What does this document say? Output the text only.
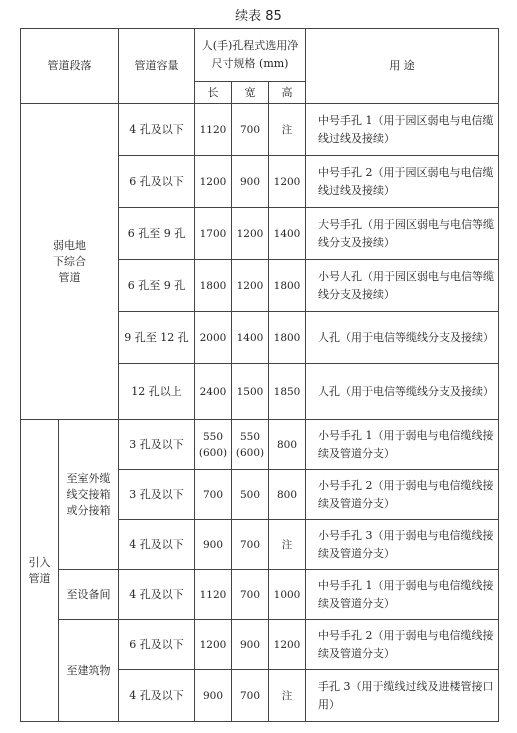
续表 85
管道段落		管道容量	人(手)孔程式选用净尺寸规格 (mm)			用 途
			长	宽	高	
弱电地下综合管道		4 孔及以下	1120	700	注	中号手孔 1（用于园区弱电与电信缆线过线及接续）
		6 孔及以下	1200	900	1200	中号手孔 2（用于园区弱电与电信缆线过线及接续）
		6 孔至 9 孔	1700	1200	1400	大号手孔（用于园区弱电与电信等缆线分支及接续）
		6 孔至 9 孔	1800	1200	1800	小号人孔（用于园区弱电与电信等缆线分支及接续）
		9 孔至 12 孔	2000	1400	1800	人孔（用于电信等缆线分支及接续）
		12 孔以上	2400	1500	1850	人孔（用于电信等缆线分支及接续）
引入管道	至室外缆线交接箱或分接箱	3 孔及以下	550 (600)	550 (600)	800	小号手孔 1（用于弱电与电信缆线接续及管道分支）
		3 孔及以下	700	500	800	小号手孔 2（用于弱电与电信缆线接续及管道分支）
		4 孔及以下	900	700	注	小号手孔 3（用于弱电与电信缆线接续及管道分支）
	至设备间	4 孔及以下	1120	700	1000	中号手孔 1（用于弱电与电信缆线接续及管道分支）
	至建筑物	6 孔及以下	1200	900	1200	中号手孔 2（用于弱电与电信缆线接续及管道分支）
		4 孔及以下	900	700	注	手孔 3（用于缆线过线及进楼管接口用）
